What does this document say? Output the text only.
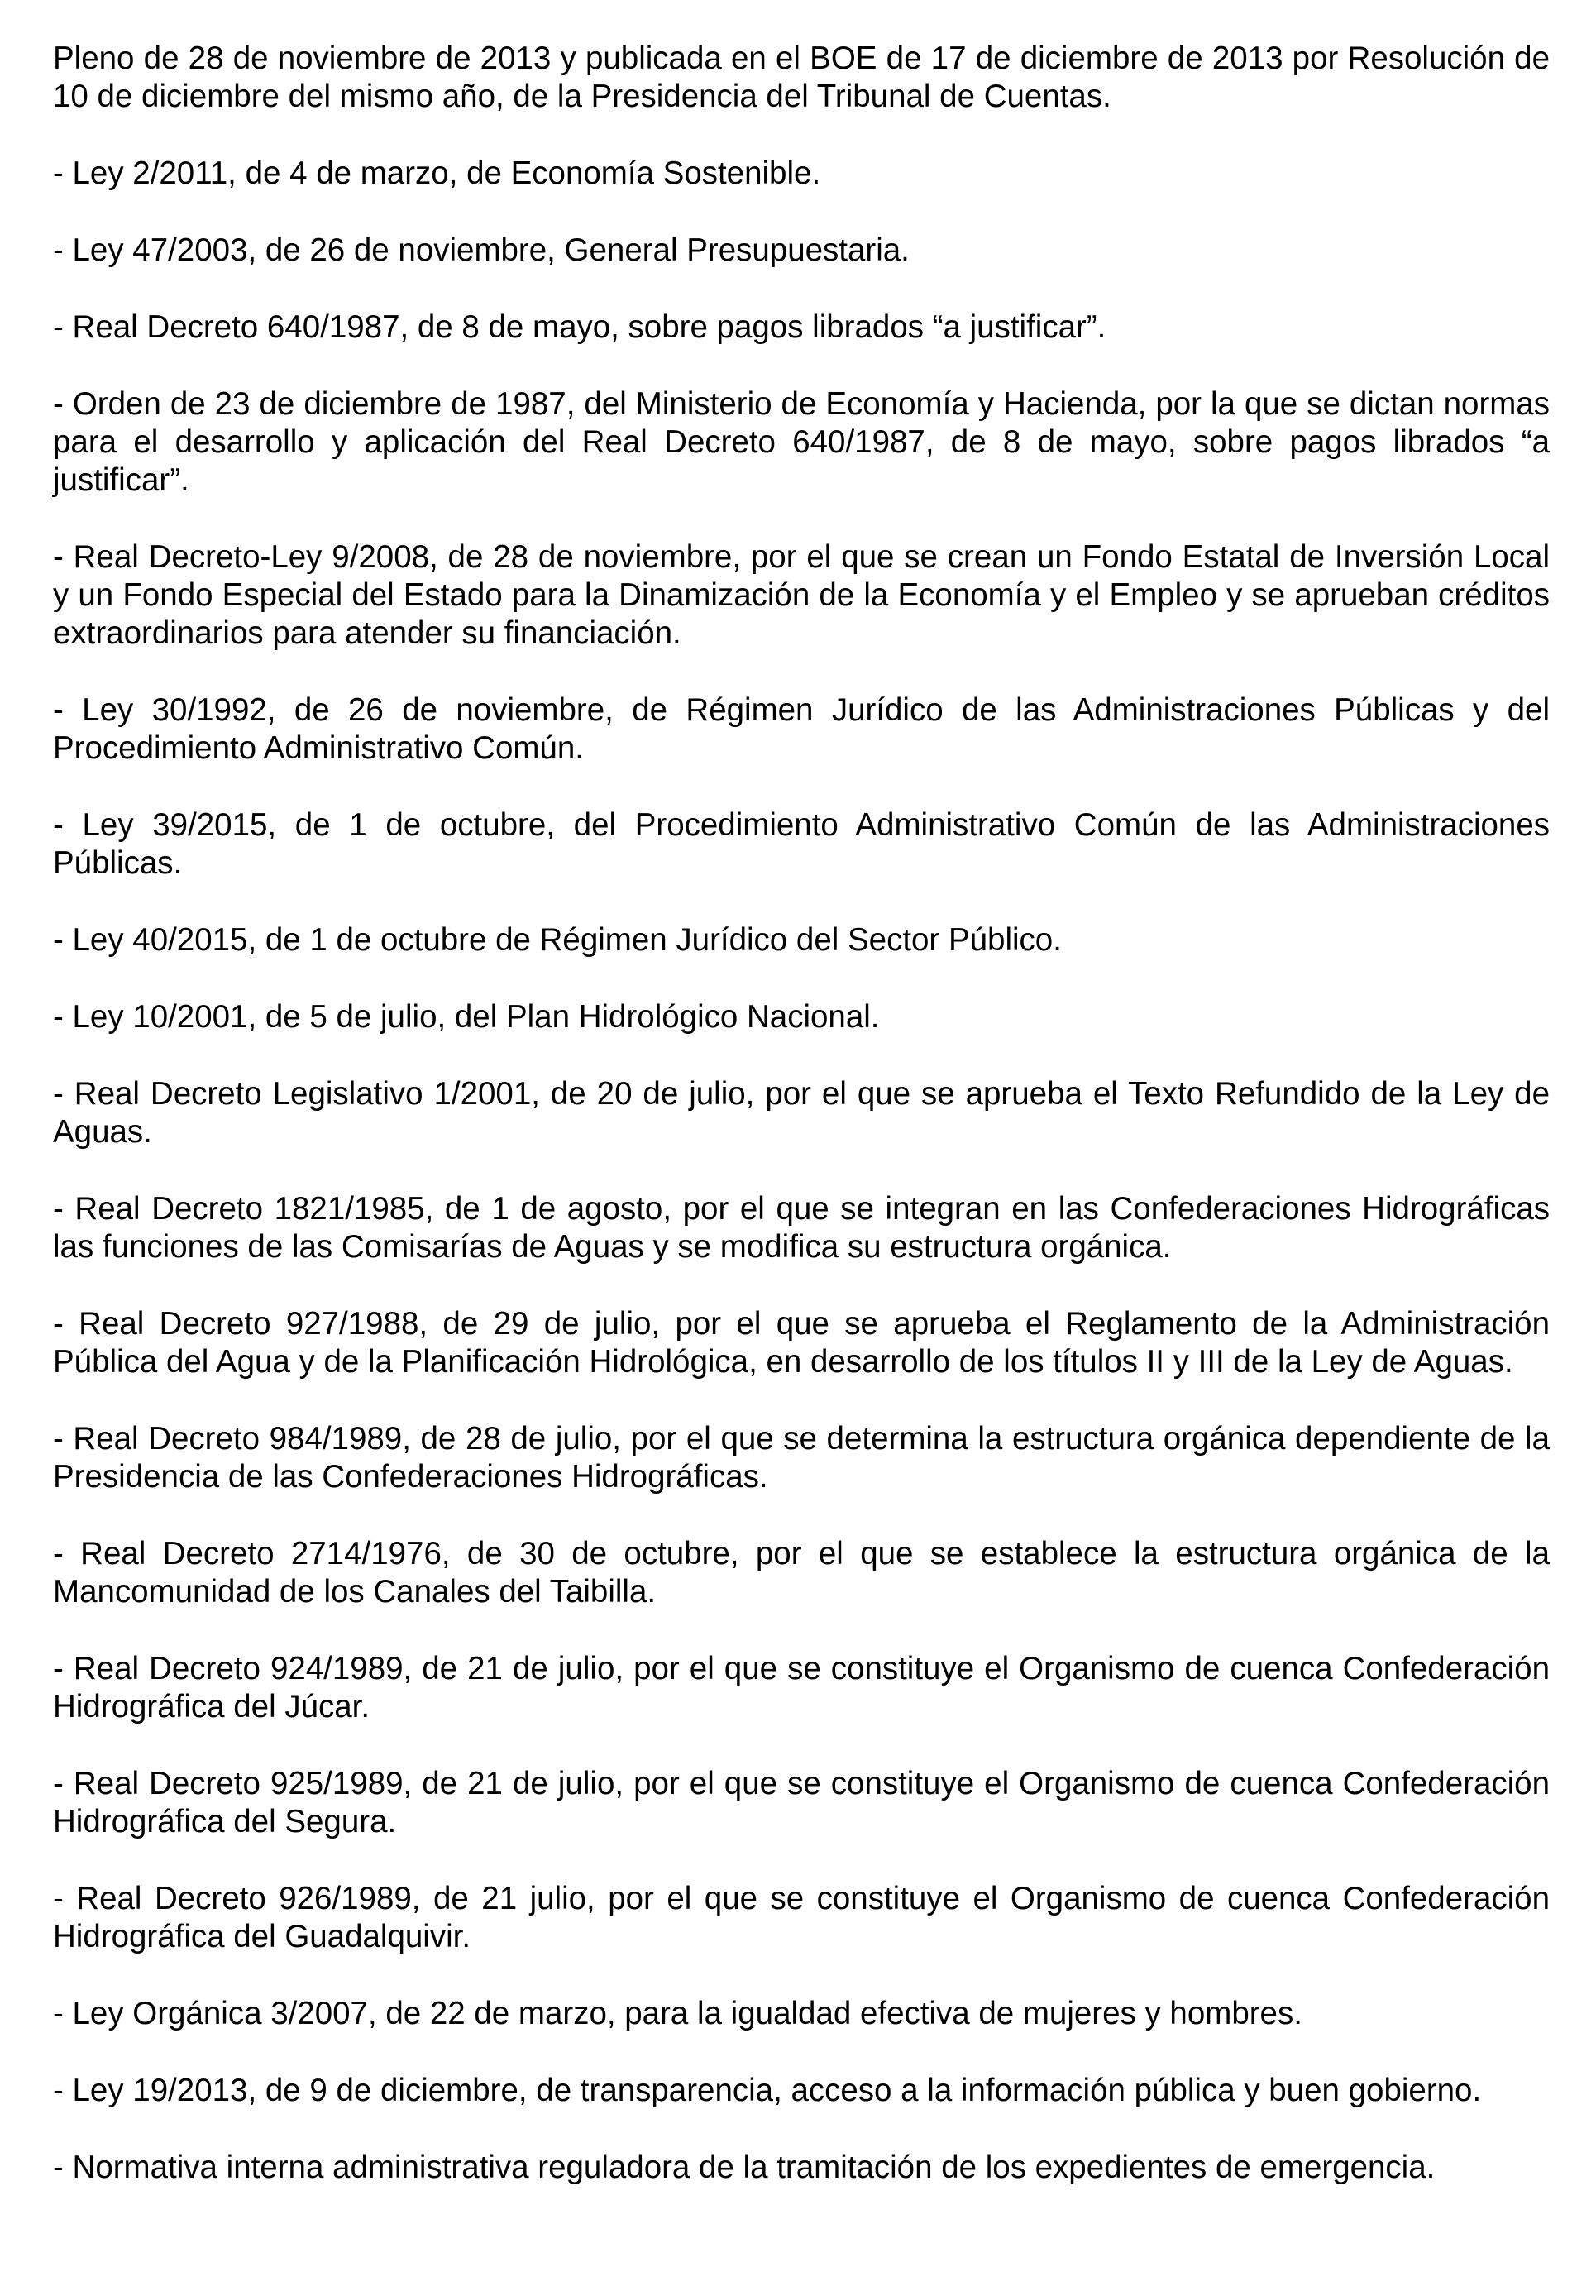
Pleno de 28 de noviembre de 2013 y publicada en el BOE de 17 de diciembre de 2013 por Resolución de 10 de diciembre del mismo año, de la Presidencia del Tribunal de Cuentas.

- Ley 2/2011, de 4 de marzo, de Economía Sostenible.

- Ley 47/2003, de 26 de noviembre, General Presupuestaria.

- Real Decreto 640/1987, de 8 de mayo, sobre pagos librados “a justificar”.

- Orden de 23 de diciembre de 1987, del Ministerio de Economía y Hacienda, por la que se dictan normas para el desarrollo y aplicación del Real Decreto 640/1987, de 8 de mayo, sobre pagos librados “a justificar”.

- Real Decreto-Ley 9/2008, de 28 de noviembre, por el que se crean un Fondo Estatal de Inversión Local y un Fondo Especial del Estado para la Dinamización de la Economía y el Empleo y se aprueban créditos extraordinarios para atender su financiación.

- Ley 30/1992, de 26 de noviembre, de Régimen Jurídico de las Administraciones Públicas y del Procedimiento Administrativo Común.

- Ley 39/2015, de 1 de octubre, del Procedimiento Administrativo Común de las Administraciones Públicas.

- Ley 40/2015, de 1 de octubre de Régimen Jurídico del Sector Público.

- Ley 10/2001, de 5 de julio, del Plan Hidrológico Nacional.

- Real Decreto Legislativo 1/2001, de 20 de julio, por el que se aprueba el Texto Refundido de la Ley de Aguas.

- Real Decreto 1821/1985, de 1 de agosto, por el que se integran en las Confederaciones Hidrográficas las funciones de las Comisarías de Aguas y se modifica su estructura orgánica.

- Real Decreto 927/1988, de 29 de julio, por el que se aprueba el Reglamento de la Administración Pública del Agua y de la Planificación Hidrológica, en desarrollo de los títulos II y III de la Ley de Aguas.

- Real Decreto 984/1989, de 28 de julio, por el que se determina la estructura orgánica dependiente de la Presidencia de las Confederaciones Hidrográficas.

- Real Decreto 2714/1976, de 30 de octubre, por el que se establece la estructura orgánica de la Mancomunidad de los Canales del Taibilla.

- Real Decreto 924/1989, de 21 de julio, por el que se constituye el Organismo de cuenca Confederación Hidrográfica del Júcar.

- Real Decreto 925/1989, de 21 de julio, por el que se constituye el Organismo de cuenca Confederación Hidrográfica del Segura.

- Real Decreto 926/1989, de 21 julio, por el que se constituye el Organismo de cuenca Confederación Hidrográfica del Guadalquivir.

- Ley Orgánica 3/2007, de 22 de marzo, para la igualdad efectiva de mujeres y hombres.

- Ley 19/2013, de 9 de diciembre, de transparencia, acceso a la información pública y buen gobierno.

- Normativa interna administrativa reguladora de la tramitación de los expedientes de emergencia.
